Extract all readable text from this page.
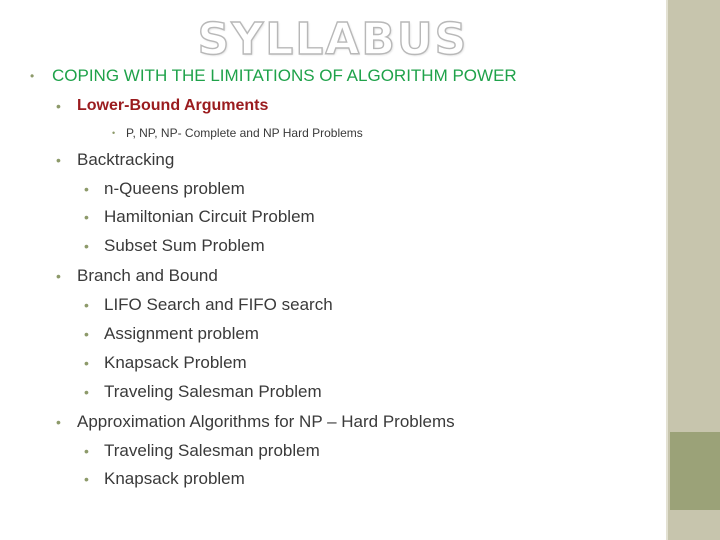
SYLLABUS
• COPING WITH THE LIMITATIONS OF ALGORITHM POWER
• Lower-Bound Arguments
• P, NP, NP- Complete and NP Hard Problems
• Backtracking
• n-Queens problem
• Hamiltonian Circuit Problem
• Subset Sum Problem
• Branch and Bound
• LIFO Search and FIFO search
• Assignment problem
• Knapsack Problem
• Traveling Salesman Problem
• Approximation Algorithms for NP – Hard Problems
• Traveling Salesman problem
• Knapsack problem
